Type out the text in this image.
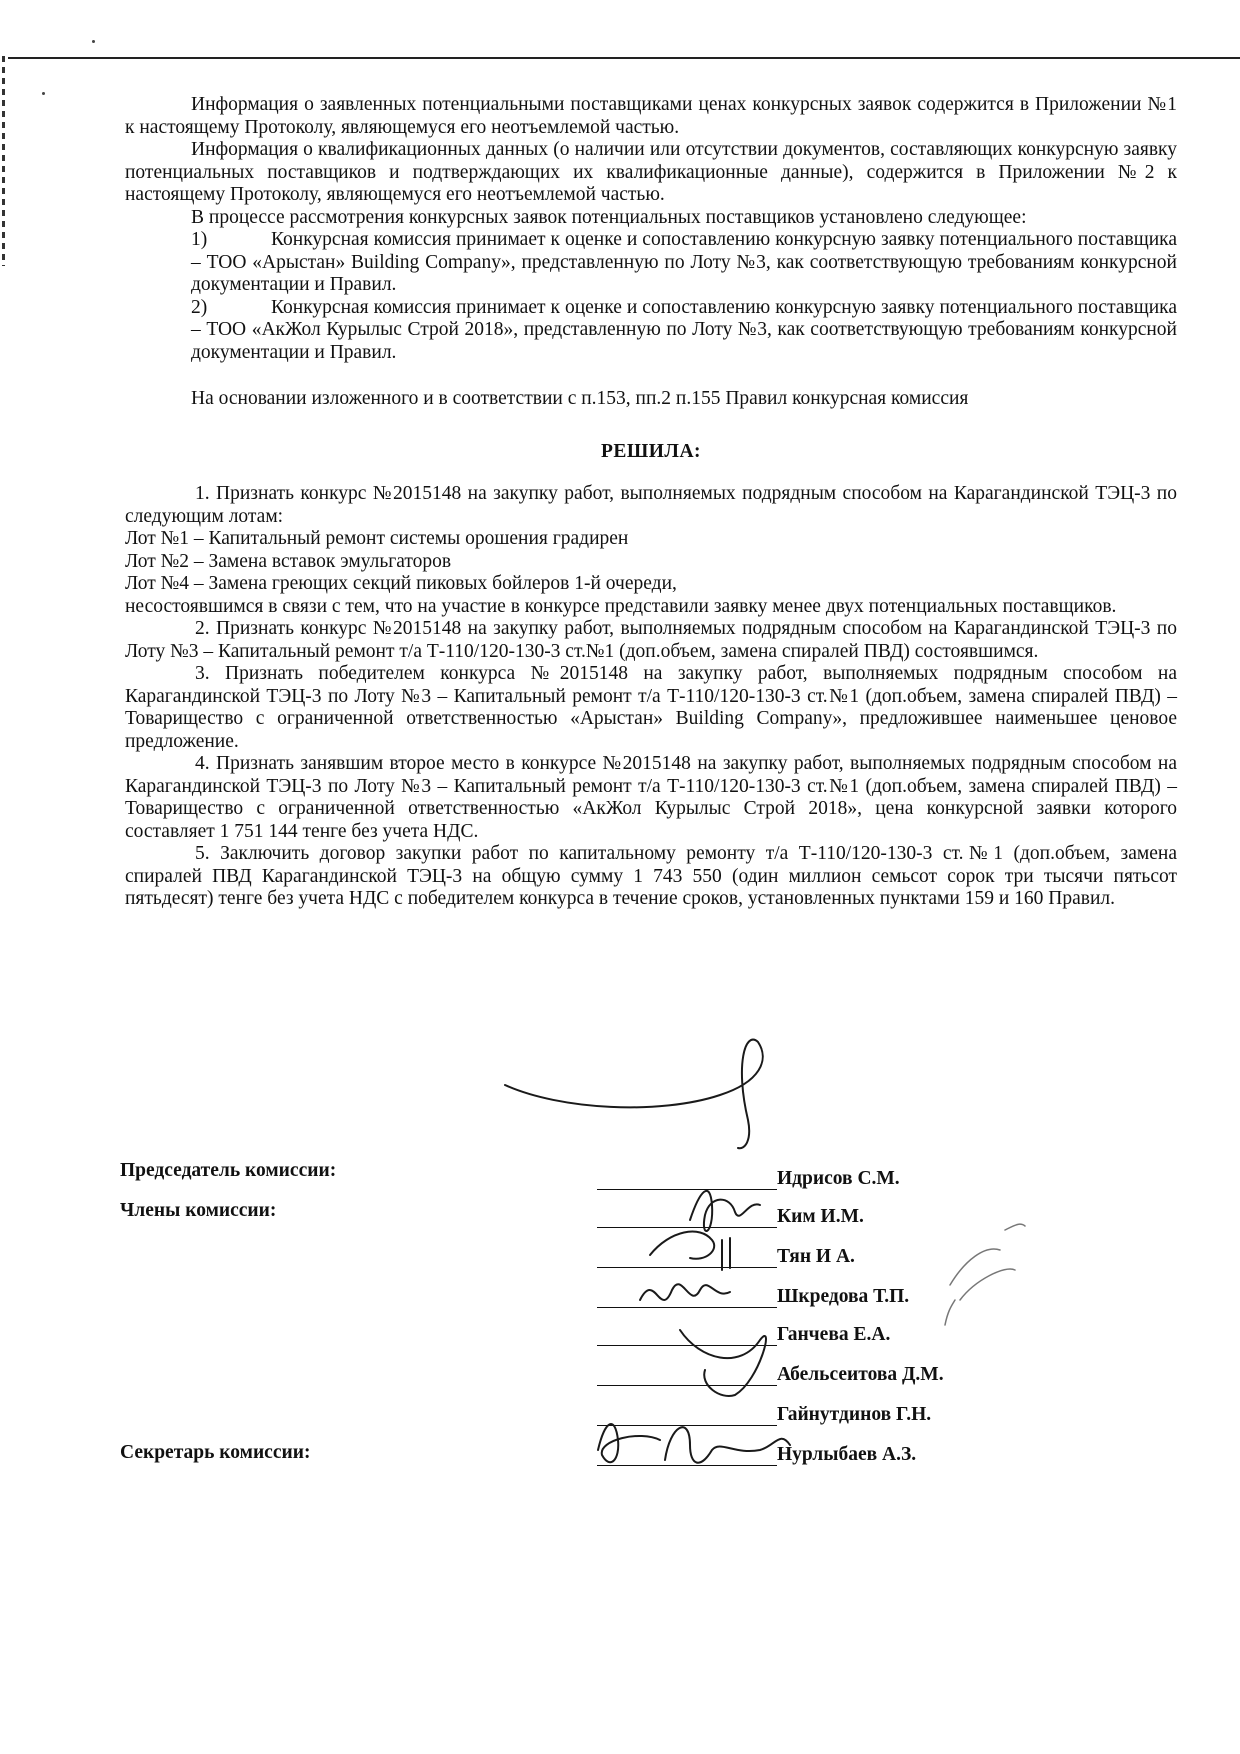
Информация о заявленных потенциальными поставщиками ценах конкурсных заявок содержится в Приложении №1 к настоящему Протоколу, являющемуся его неотъемлемой частью.

Информация о квалификационных данных (о наличии или отсутствии документов, составляющих конкурсную заявку потенциальных поставщиков и подтверждающих их квалификационные данные), содержится в Приложении №2 к настоящему Протоколу, являющемуся его неотъемлемой частью.

В процессе рассмотрения конкурсных заявок потенциальных поставщиков установлено следующее:

1)	Конкурсная комиссия принимает к оценке и сопоставлению конкурсную заявку потенциального поставщика – ТОО «Арыстан» Building Company», представленную по Лоту №3, как соответствующую требованиям конкурсной документации и Правил.

2)	Конкурсная комиссия принимает к оценке и сопоставлению конкурсную заявку потенциального поставщика – ТОО «АкЖол Курылыс Строй 2018», представленную по Лоту №3, как соответствующую требованиям конкурсной документации и Правил.

На основании изложенного и в соответствии с п.153, пп.2 п.155 Правил конкурсная комиссия

РЕШИЛА:

1. Признать конкурс №2015148 на закупку работ, выполняемых подрядным способом на Карагандинской ТЭЦ-3 по следующим лотам:

Лот №1 – Капитальный ремонт системы орошения градирен

Лот №2 – Замена вставок эмульгаторов

Лот №4 – Замена греющих секций пиковых бойлеров 1-й очереди,

несостоявшимся в связи с тем, что на участие в конкурсе представили заявку менее двух потенциальных поставщиков.

2. Признать конкурс №2015148 на закупку работ, выполняемых подрядным способом на Карагандинской ТЭЦ-3 по Лоту №3 – Капитальный ремонт т/а Т-110/120-130-3 ст.№1 (доп.объем, замена спиралей ПВД) состоявшимся.

3. Признать победителем конкурса №2015148 на закупку работ, выполняемых подрядным способом на Карагандинской ТЭЦ-3 по Лоту №3 – Капитальный ремонт т/а Т-110/120-130-3 ст.№1 (доп.объем, замена спиралей ПВД) – Товарищество с ограниченной ответственностью «Арыстан» Building Company», предложившее наименьшее ценовое предложение.

4. Признать занявшим второе место в конкурсе №2015148 на закупку работ, выполняемых подрядным способом на Карагандинской ТЭЦ-3 по Лоту №3 – Капитальный ремонт т/а Т-110/120-130-3 ст.№1 (доп.объем, замена спиралей ПВД) – Товарищество с ограниченной ответственностью «АкЖол Курылыс Строй 2018», цена конкурсной заявки которого составляет 1 751 144 тенге без учета НДС.

5. Заключить договор закупки работ по капитальному ремонту т/а Т-110/120-130-3 ст.№1 (доп.объем, замена спиралей ПВД Карагандинской ТЭЦ-3 на общую сумму 1 743 550 (один миллион семьсот сорок три тысячи пятьсот пятьдесят) тенге без учета НДС с победителем конкурса в течение сроков, установленных пунктами 159 и 160 Правил.

Председатель комиссии:
Члены комиссии:
Секретарь комиссии:
Идрисов С.М.
Ким И.М.
Тян И А.
Шкредова Т.П.
Ганчева Е.А.
Абельсеитова Д.М.
Гайнутдинов Г.Н.
Нурлыбаев А.З.
